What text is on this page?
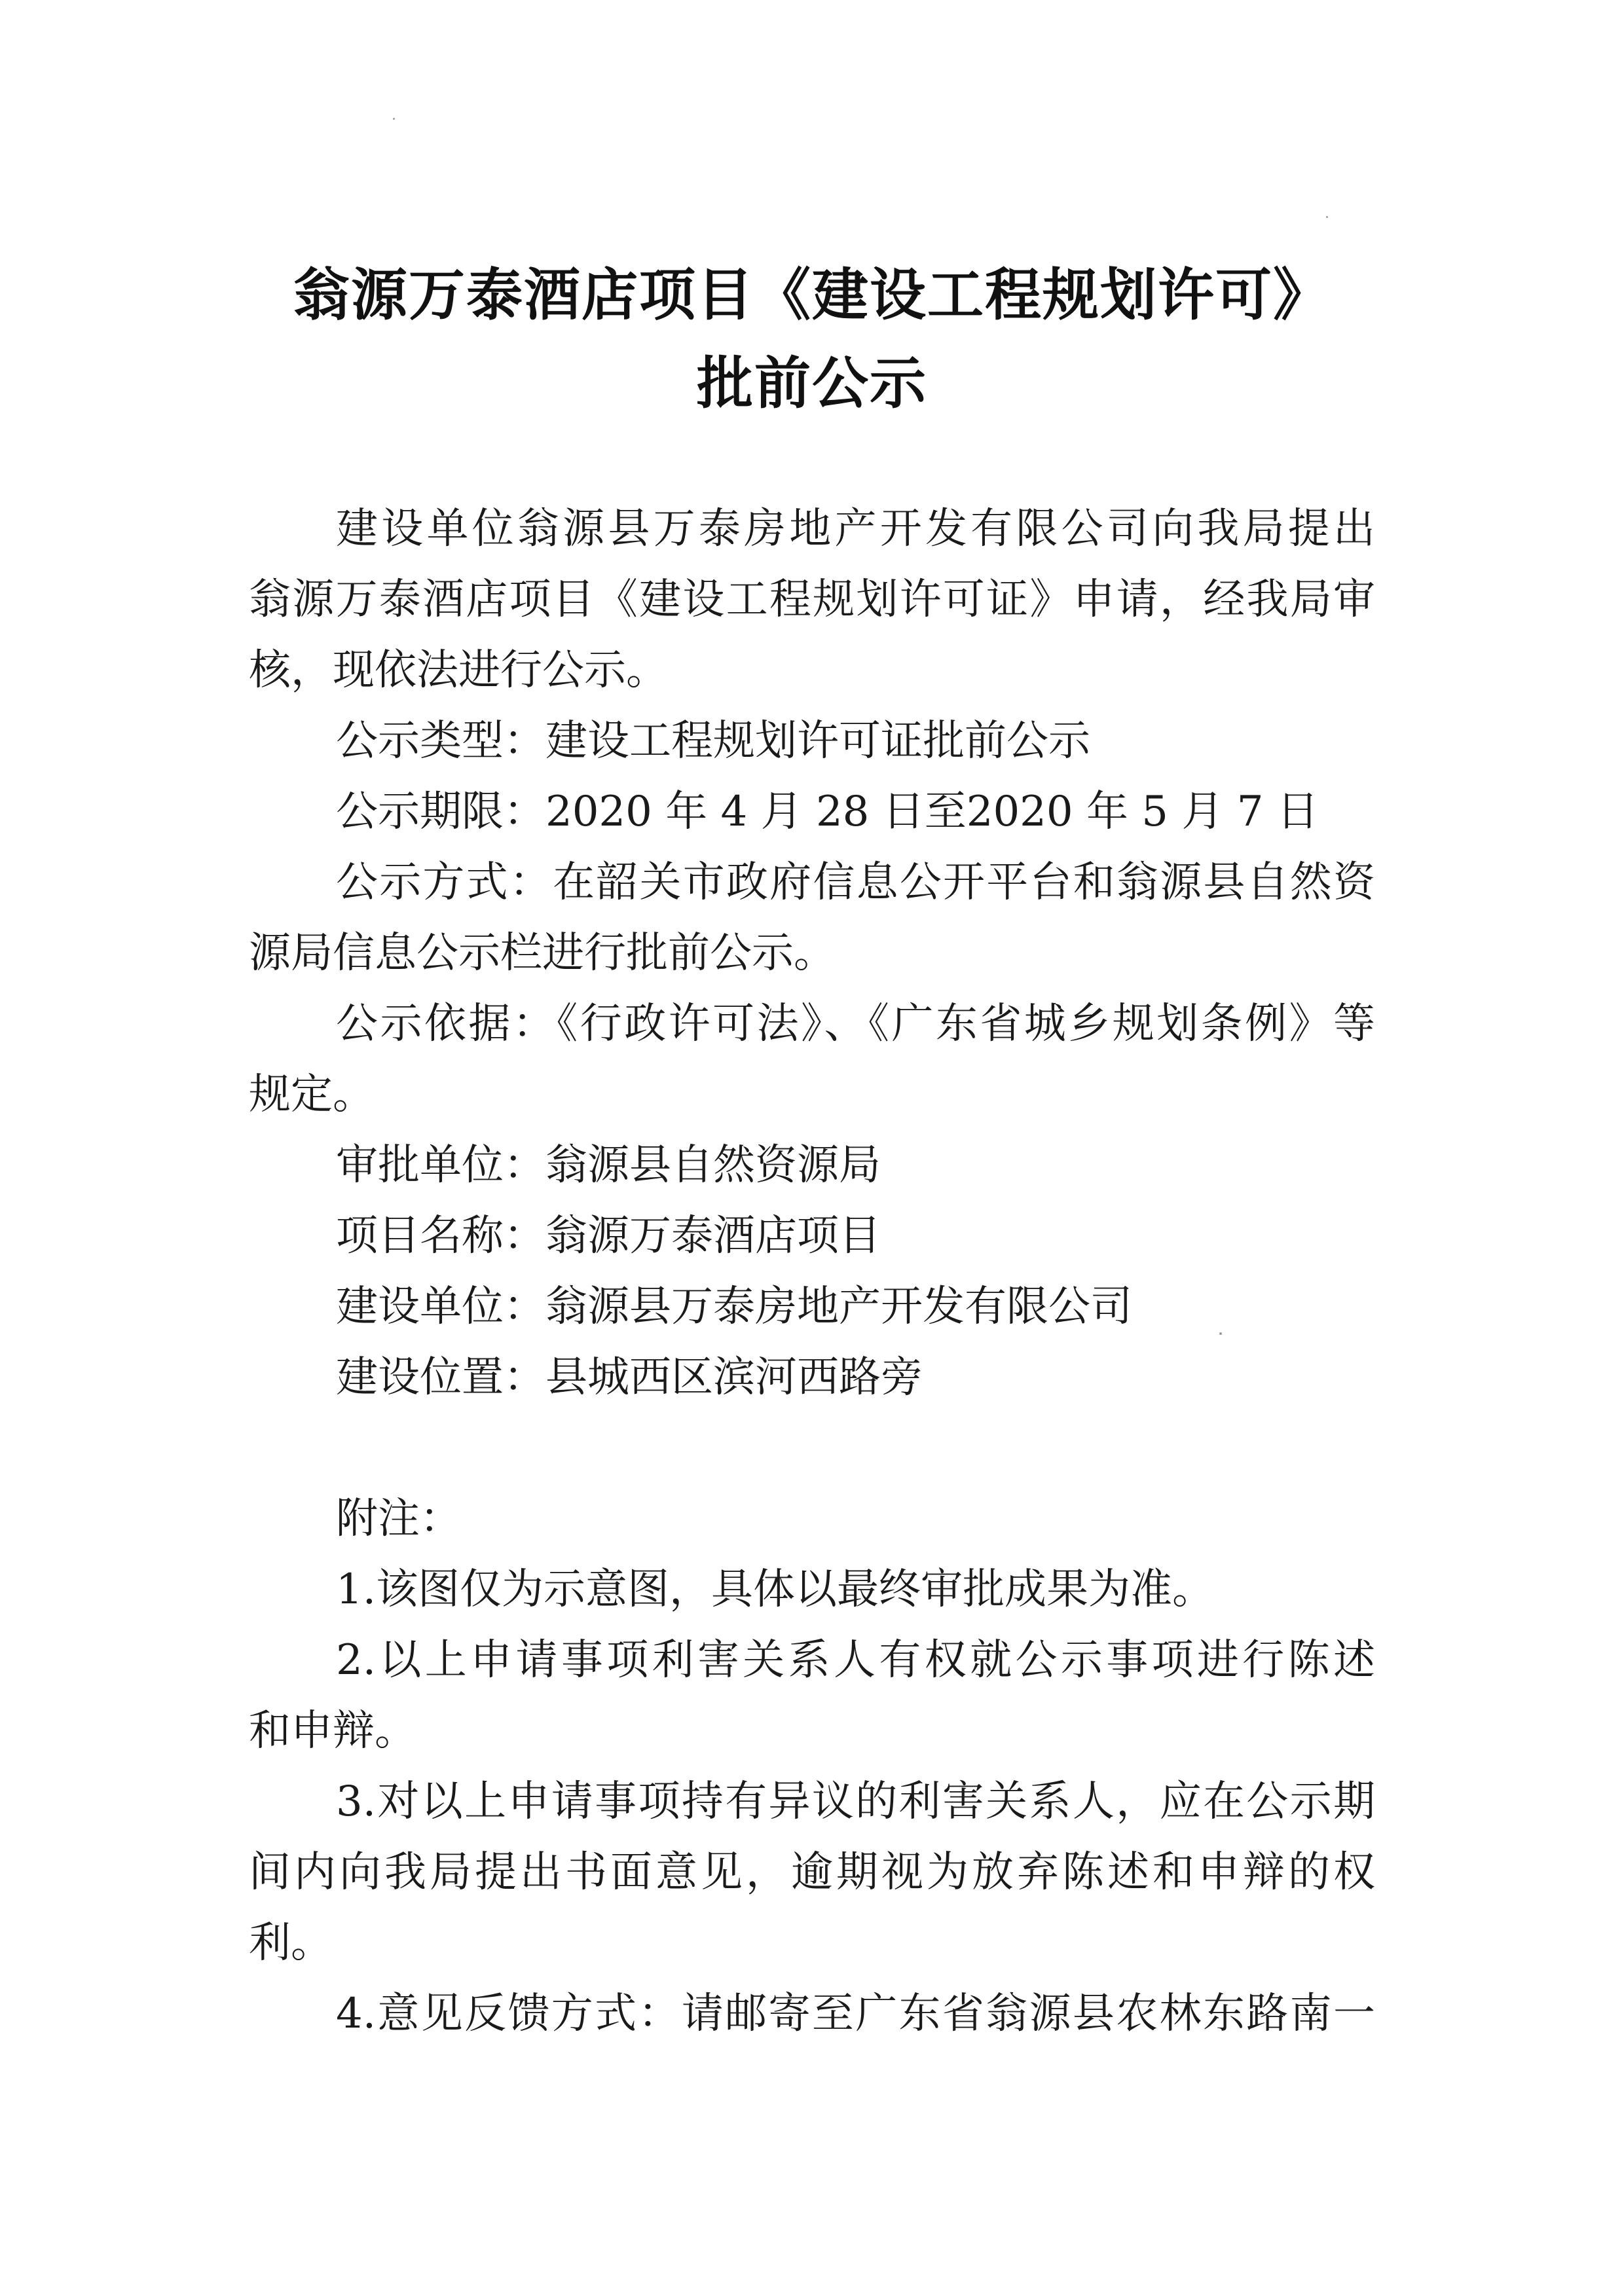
翁源万泰酒店项目《建设工程规划许可》
批前公示
建设单位翁源县万泰房地产开发有限公司向我局提出
翁源万泰酒店项目《建设工程规划许可证》申请，经我局审
核，现依法进行公示。
公示类型：建设工程规划许可证批前公示
公示期限：2020 年 4 月 28 日至2020 年 5 月 7 日
公示方式：在韶关市政府信息公开平台和翁源县自然资
源局信息公示栏进行批前公示。
公示依据：《行政许可法》、《广东省城乡规划条例》等
规定。
审批单位：翁源县自然资源局
项目名称：翁源万泰酒店项目
建设单位：翁源县万泰房地产开发有限公司
建设位置：县城西区滨河西路旁
附注：
1.该图仅为示意图，具体以最终审批成果为准。
2.以上申请事项利害关系人有权就公示事项进行陈述
和申辩。
3.对以上申请事项持有异议的利害关系人，应在公示期
间内向我局提出书面意见，逾期视为放弃陈述和申辩的权
利。
4.意见反馈方式：请邮寄至广东省翁源县农林东路南一
